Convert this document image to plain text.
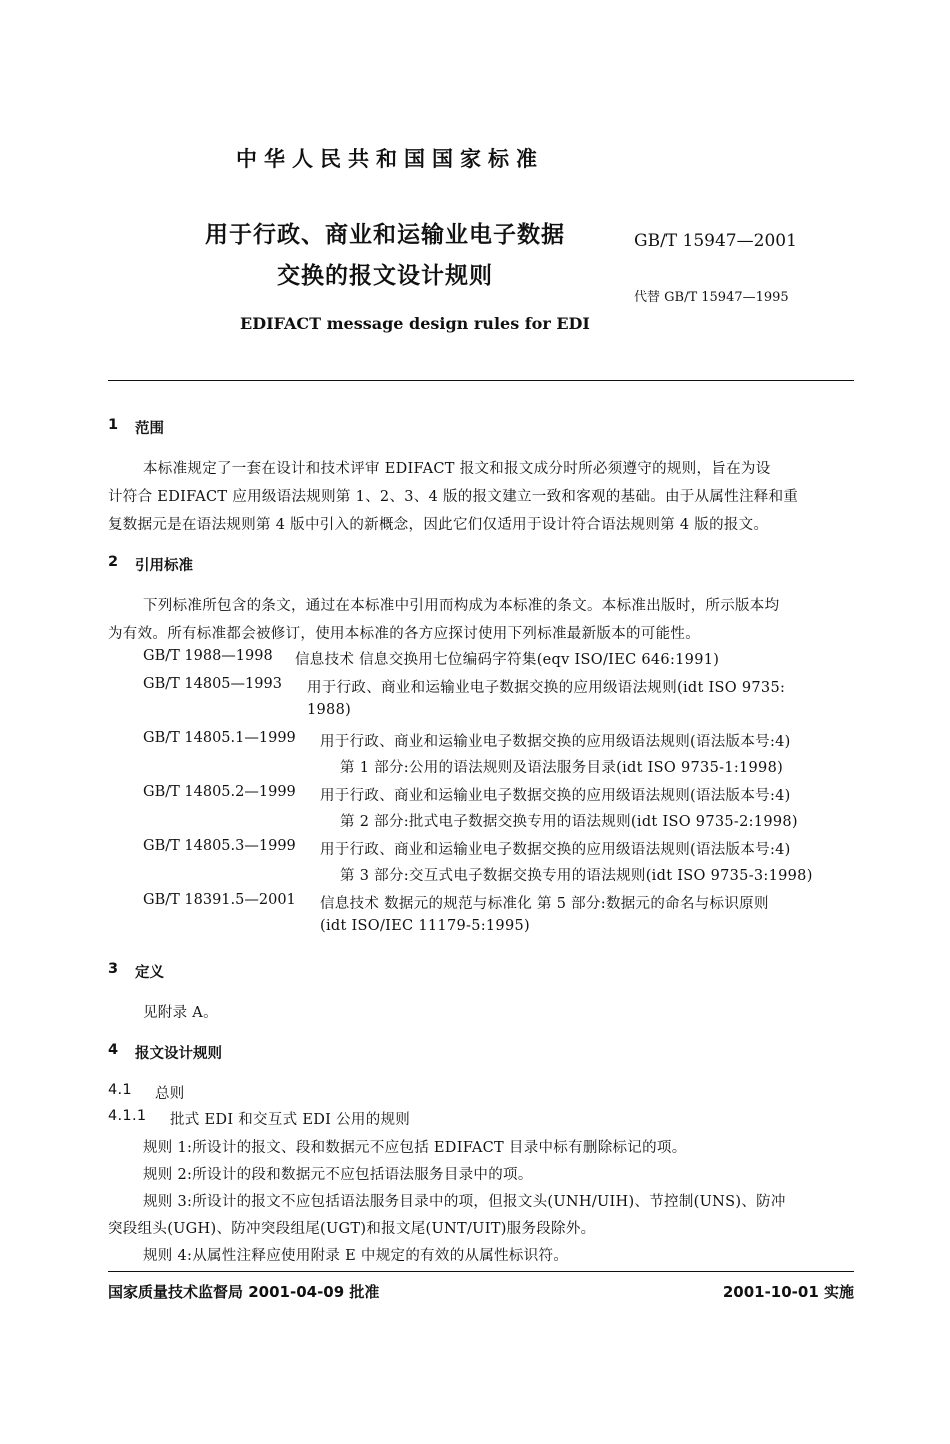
中华人民共和国国家标准
用于行政、商业和运输业电子数据
交换的报文设计规则
GB/T 15947—2001
代替 GB/T 15947—1995
EDIFACT message design rules for EDI
1 范围
本标准规定了一套在设计和技术评审 EDIFACT 报文和报文成分时所必须遵守的规则，旨在为设
计符合 EDIFACT 应用级语法规则第 1、2、3、4 版的报文建立一致和客观的基础。由于从属性注释和重
复数据元是在语法规则第 4 版中引入的新概念，因此它们仅适用于设计符合语法规则第 4 版的报文。
2 引用标准
下列标准所包含的条文，通过在本标准中引用而构成为本标准的条文。本标准出版时，所示版本均
为有效。所有标准都会被修订，使用本标准的各方应探讨使用下列标准最新版本的可能性。
GB/T 1988—1998 信息技术 信息交换用七位编码字符集(eqv ISO/IEC 646:1991)
GB/T 14805—1993 用于行政、商业和运输业电子数据交换的应用级语法规则(idt ISO 9735:
1988)
GB/T 14805.1—1999 用于行政、商业和运输业电子数据交换的应用级语法规则(语法版本号:4)
第 1 部分:公用的语法规则及语法服务目录(idt ISO 9735-1:1998)
GB/T 14805.2—1999 用于行政、商业和运输业电子数据交换的应用级语法规则(语法版本号:4)
第 2 部分:批式电子数据交换专用的语法规则(idt ISO 9735-2:1998)
GB/T 14805.3—1999 用于行政、商业和运输业电子数据交换的应用级语法规则(语法版本号:4)
第 3 部分:交互式电子数据交换专用的语法规则(idt ISO 9735-3:1998)
GB/T 18391.5—2001 信息技术 数据元的规范与标准化 第 5 部分:数据元的命名与标识原则
(idt ISO/IEC 11179-5:1995)
3 定义
见附录 A。
4 报文设计规则
4.1 总则
4.1.1 批式 EDI 和交互式 EDI 公用的规则
规则 1:所设计的报文、段和数据元不应包括 EDIFACT 目录中标有删除标记的项。
规则 2:所设计的段和数据元不应包括语法服务目录中的项。
规则 3:所设计的报文不应包括语法服务目录中的项，但报文头(UNH/UIH)、节控制(UNS)、防冲
突段组头(UGH)、防冲突段组尾(UGT)和报文尾(UNT/UIT)服务段除外。
规则 4:从属性注释应使用附录 E 中规定的有效的从属性标识符。
国家质量技术监督局 2001-04-09 批准	2001-10-01 实施
